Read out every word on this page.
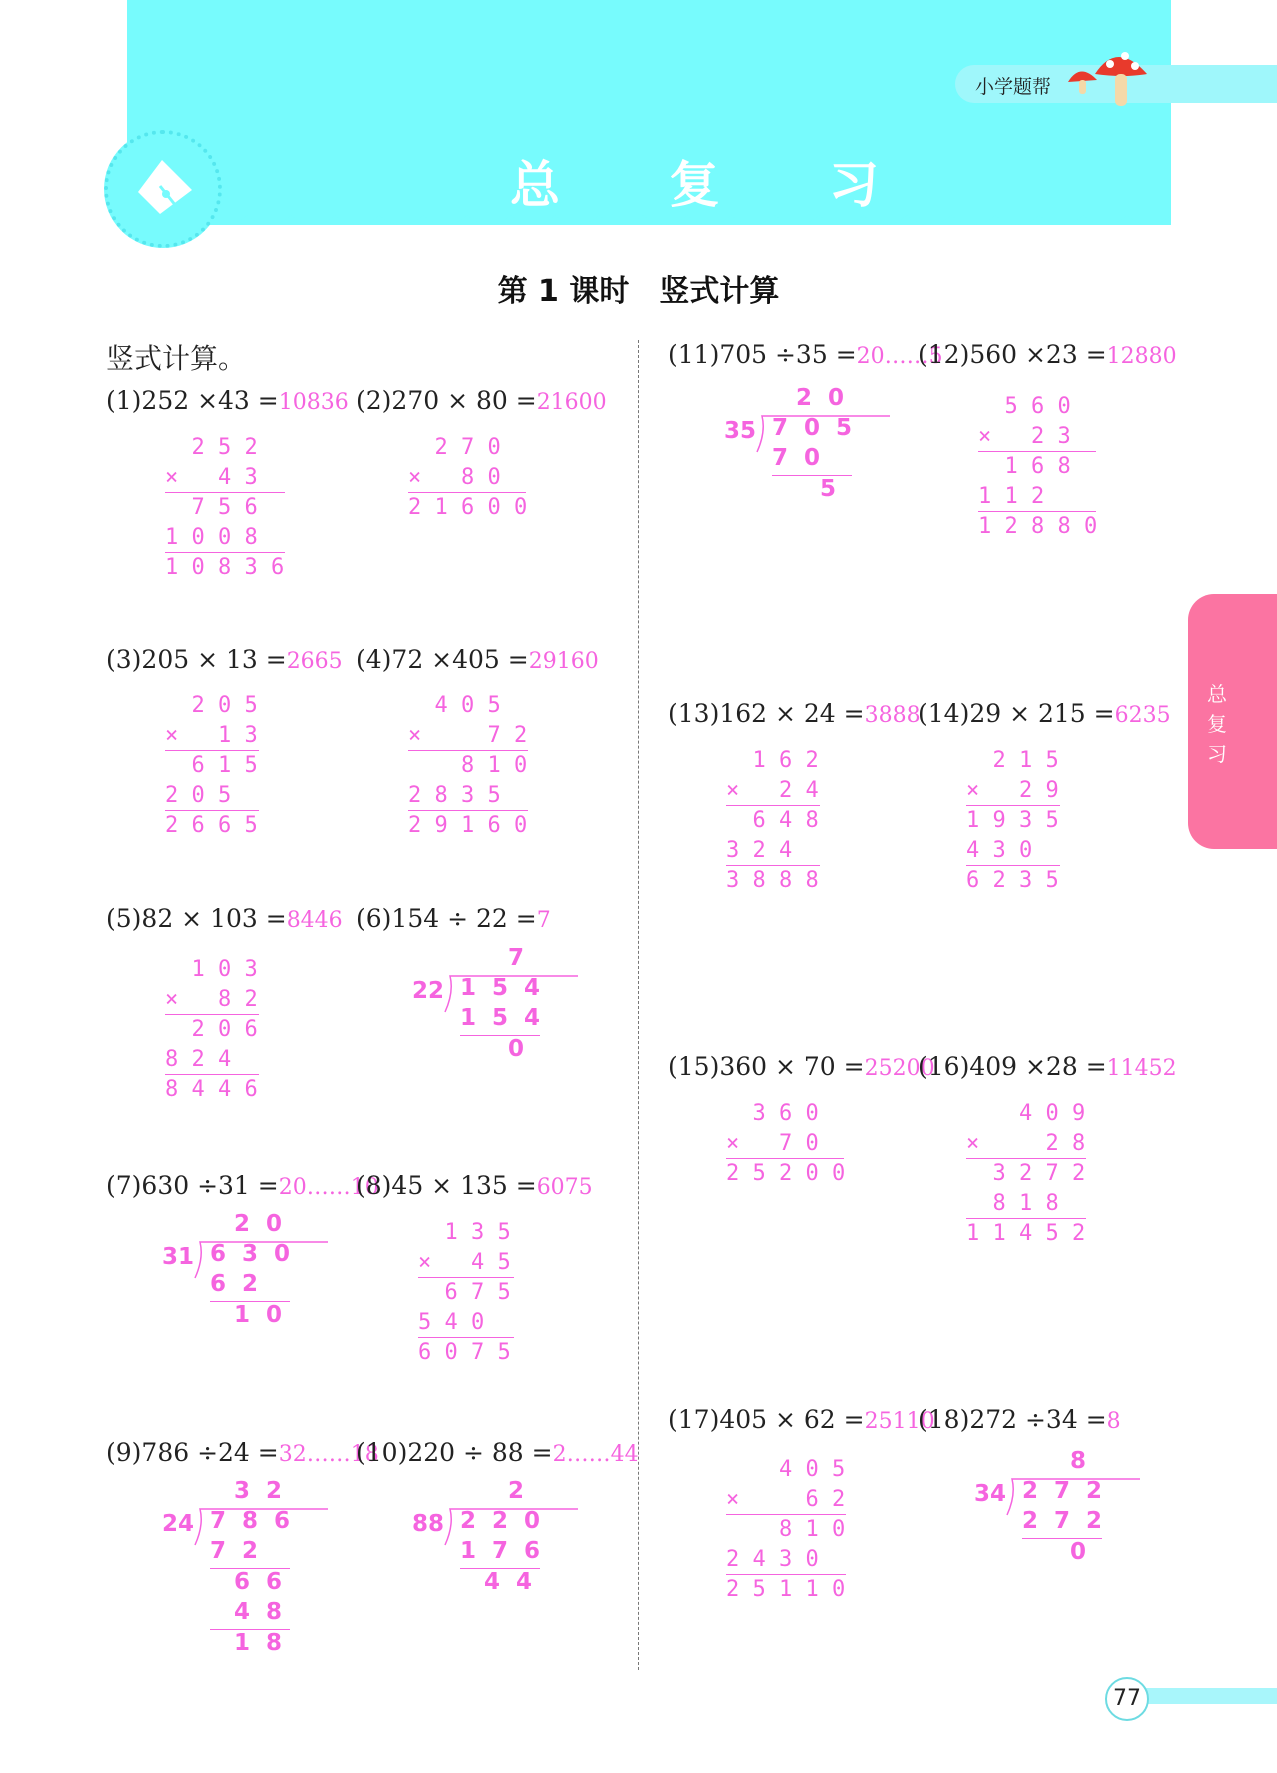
总 复 习
小学题帮
第 1 课时　竖式计算
竖式计算。
(1)252 ×43 =10836 (2)270 × 80 =21600
(3)205 × 13 =2665 (4)72 ×405 =29160
(5)82 × 103 =8446 (6)154 ÷ 22 =7
(7)630 ÷31 =20……10
(8)45 × 135 =6075
(9)786 ÷24 =32……18
(10)220 ÷ 88 =2……44
(11)705 ÷35 =20……5
(12)560 ×23 =12880
(13)162 × 24 =3888
(14)29 × 215 =6235
(15)360 × 70 =25200
(16)409 ×28 =11452
(17)405 × 62 =25110
(18)272 ÷34 =8
2 5 2
×   4 3
7 5 6
1 0 0 8
1 0 8 3 6
2 7 0
×   8 0
2 1 6 0 0
2 0 5
×   1 3
6 1 5
2 0 5
2 6 6 5
4 0 5
×     7 2
8 1 0
2 8 3 5
2 9 1 6 0
1 0 3
×   8 2
2 0 6
8 2 4
8 4 4 6
1 3 5
×   4 5
6 7 5
5 4 0
6 0 7 5
5 6 0
×   2 3
1 6 8
1 1 2
1 2 8 8 0
1 6 2
×   2 4
6 4 8
3 2 4
3 8 8 8
2 1 5
×   2 9
1 9 3 5
4 3 0
6 2 3 5
3 6 0
×   7 0
2 5 2 0 0
4 0 9
×     2 8
3 2 7 2
8 1 8
1 1 4 5 2
4 0 5
×     6 2
8 1 0
2 4 3 0
2 5 1 1 0
22
7
1  5  4
1  5  4
0
31
2  0
6  3  0
6  2
1  0
24
3  2
7  8  6
7  2
6  6
4  8
1  8
88
2
2  2  0
1  7  6
4  4
35
2  0
7  0  5
7  0
5
34
8
2  7  2
2  7  2
0
总
复
习
77
